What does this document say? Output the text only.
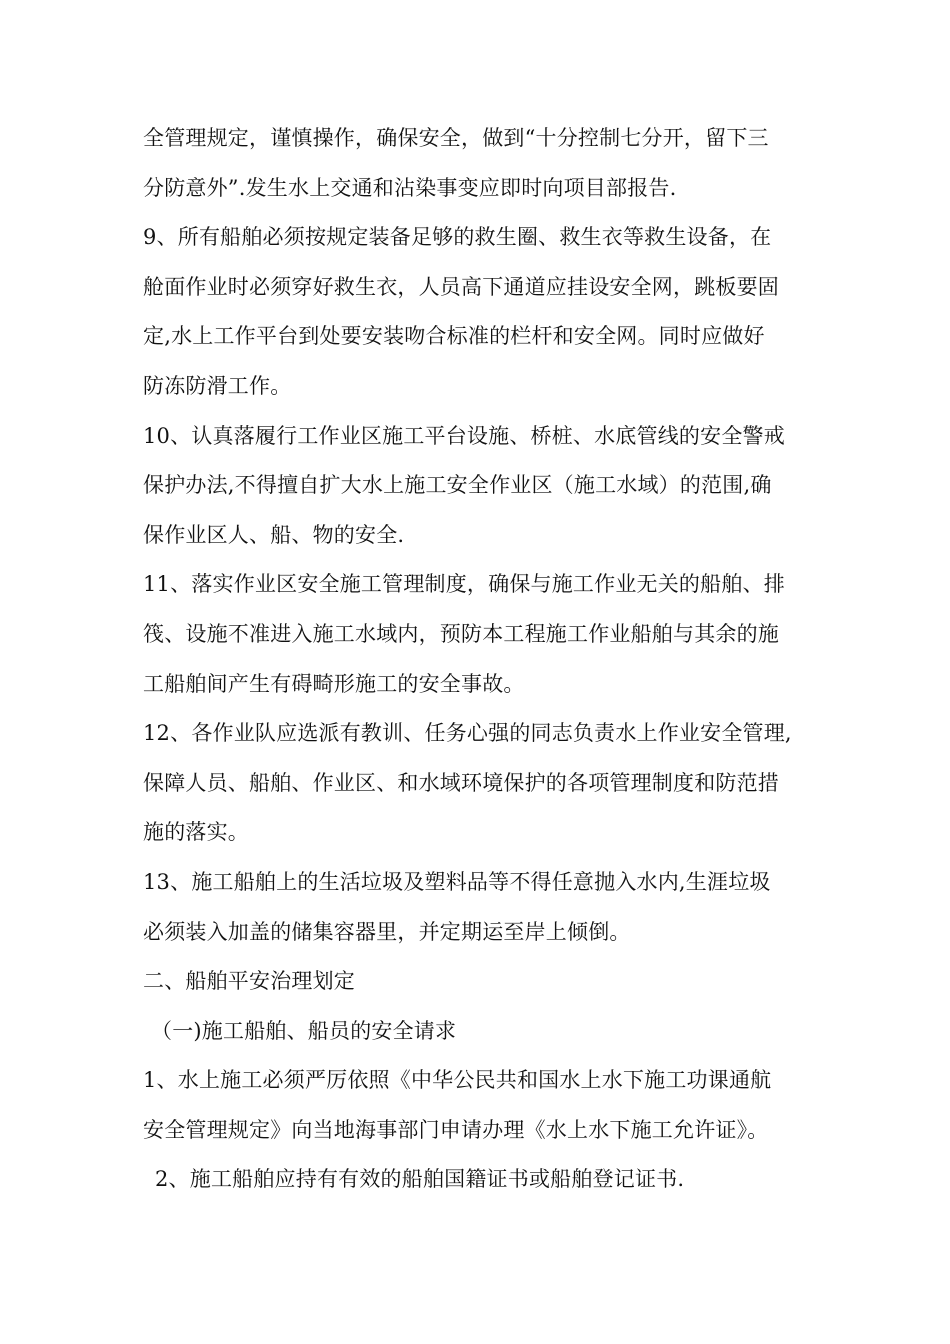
全管理规定，谨慎操作，确保安全，做到“十分控制七分开，留下三
分防意外”.发生水上交通和沾染事变应即时向项目部报告.
9、所有船舶必须按规定装备足够的救生圈、救生衣等救生设备，在
舱面作业时必须穿好救生衣，人员高下通道应挂设安全网，跳板要固
定,水上工作平台到处要安装吻合标准的栏杆和安全网。同时应做好
防冻防滑工作。
10、认真落履行工作业区施工平台设施、桥桩、水底管线的安全警戒
保护办法,不得擅自扩大水上施工安全作业区（施工水域）的范围,确
保作业区人、船、物的安全.
11、落实作业区安全施工管理制度，确保与施工作业无关的船舶、排
筏、设施不准进入施工水域内，预防本工程施工作业船舶与其余的施
工船舶间产生有碍畸形施工的安全事故。
12、各作业队应选派有教训、任务心强的同志负责水上作业安全管理,
保障人员、船舶、作业区、和水域环境保护的各项管理制度和防范措
施的落实。
13、施工船舶上的生活垃圾及塑料品等不得任意抛入水内,生涯垃圾
必须装入加盖的储集容器里，并定期运至岸上倾倒。
二、船舶平安治理划定
（一)施工船舶、船员的安全请求
1、水上施工必须严厉依照《中华公民共和国水上水下施工功课通航
安全管理规定》向当地海事部门申请办理《水上水下施工允许证》。
2、施工船舶应持有有效的船舶国籍证书或船舶登记证书.
